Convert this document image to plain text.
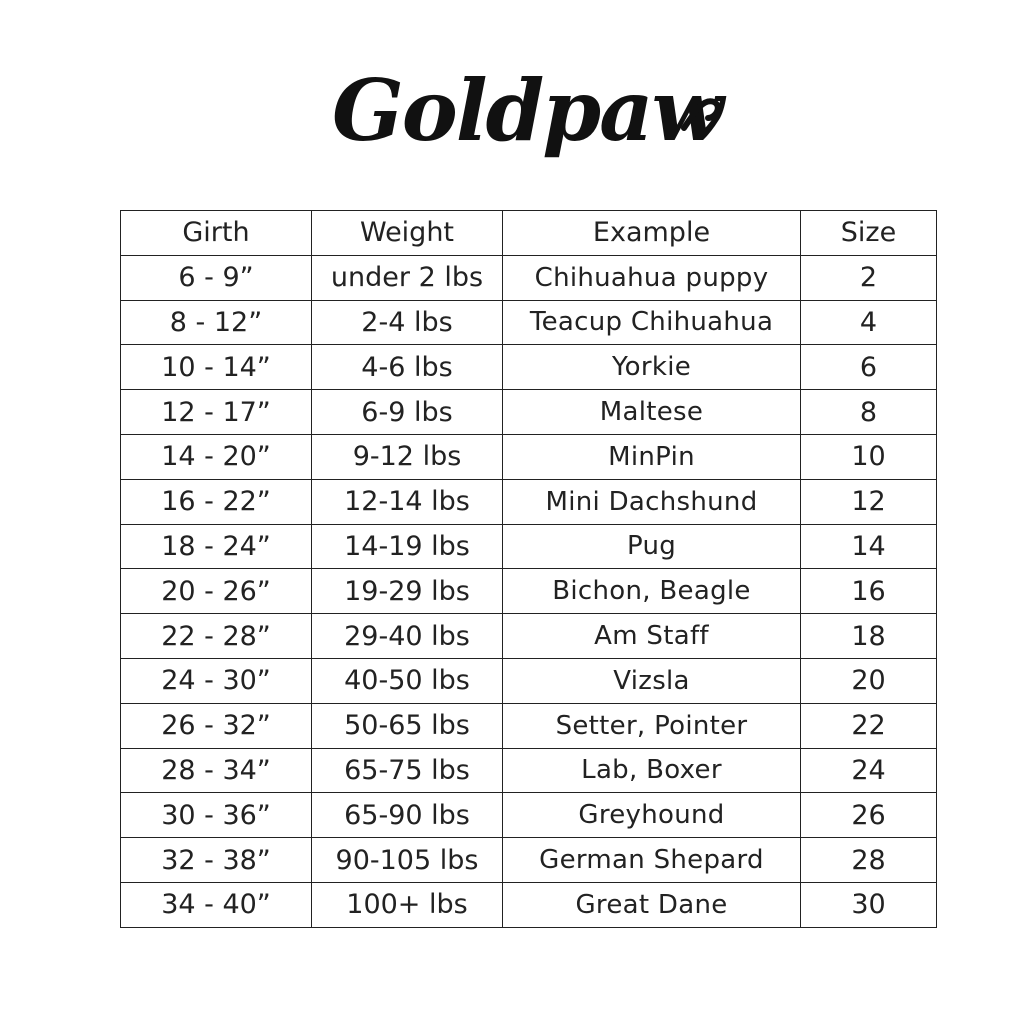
Goldpaw
Girth	Weight	Example	Size
6 - 9”	under 2 lbs	Chihuahua puppy	2
8 - 12”	2-4 lbs	Teacup Chihuahua	4
10 - 14”	4-6 lbs	Yorkie	6
12 - 17”	6-9 lbs	Maltese	8
14 - 20”	9-12 lbs	MinPin	10
16 - 22”	12-14 lbs	Mini Dachshund	12
18 - 24”	14-19 lbs	Pug	14
20 - 26”	19-29 lbs	Bichon, Beagle	16
22 - 28”	29-40 lbs	Am Staff	18
24 - 30”	40-50 lbs	Vizsla	20
26 - 32”	50-65 lbs	Setter, Pointer	22
28 - 34”	65-75 lbs	Lab, Boxer	24
30 - 36”	65-90 lbs	Greyhound	26
32 - 38”	90-105 lbs	German Shepard	28
34 - 40”	100+ lbs	Great Dane	30
